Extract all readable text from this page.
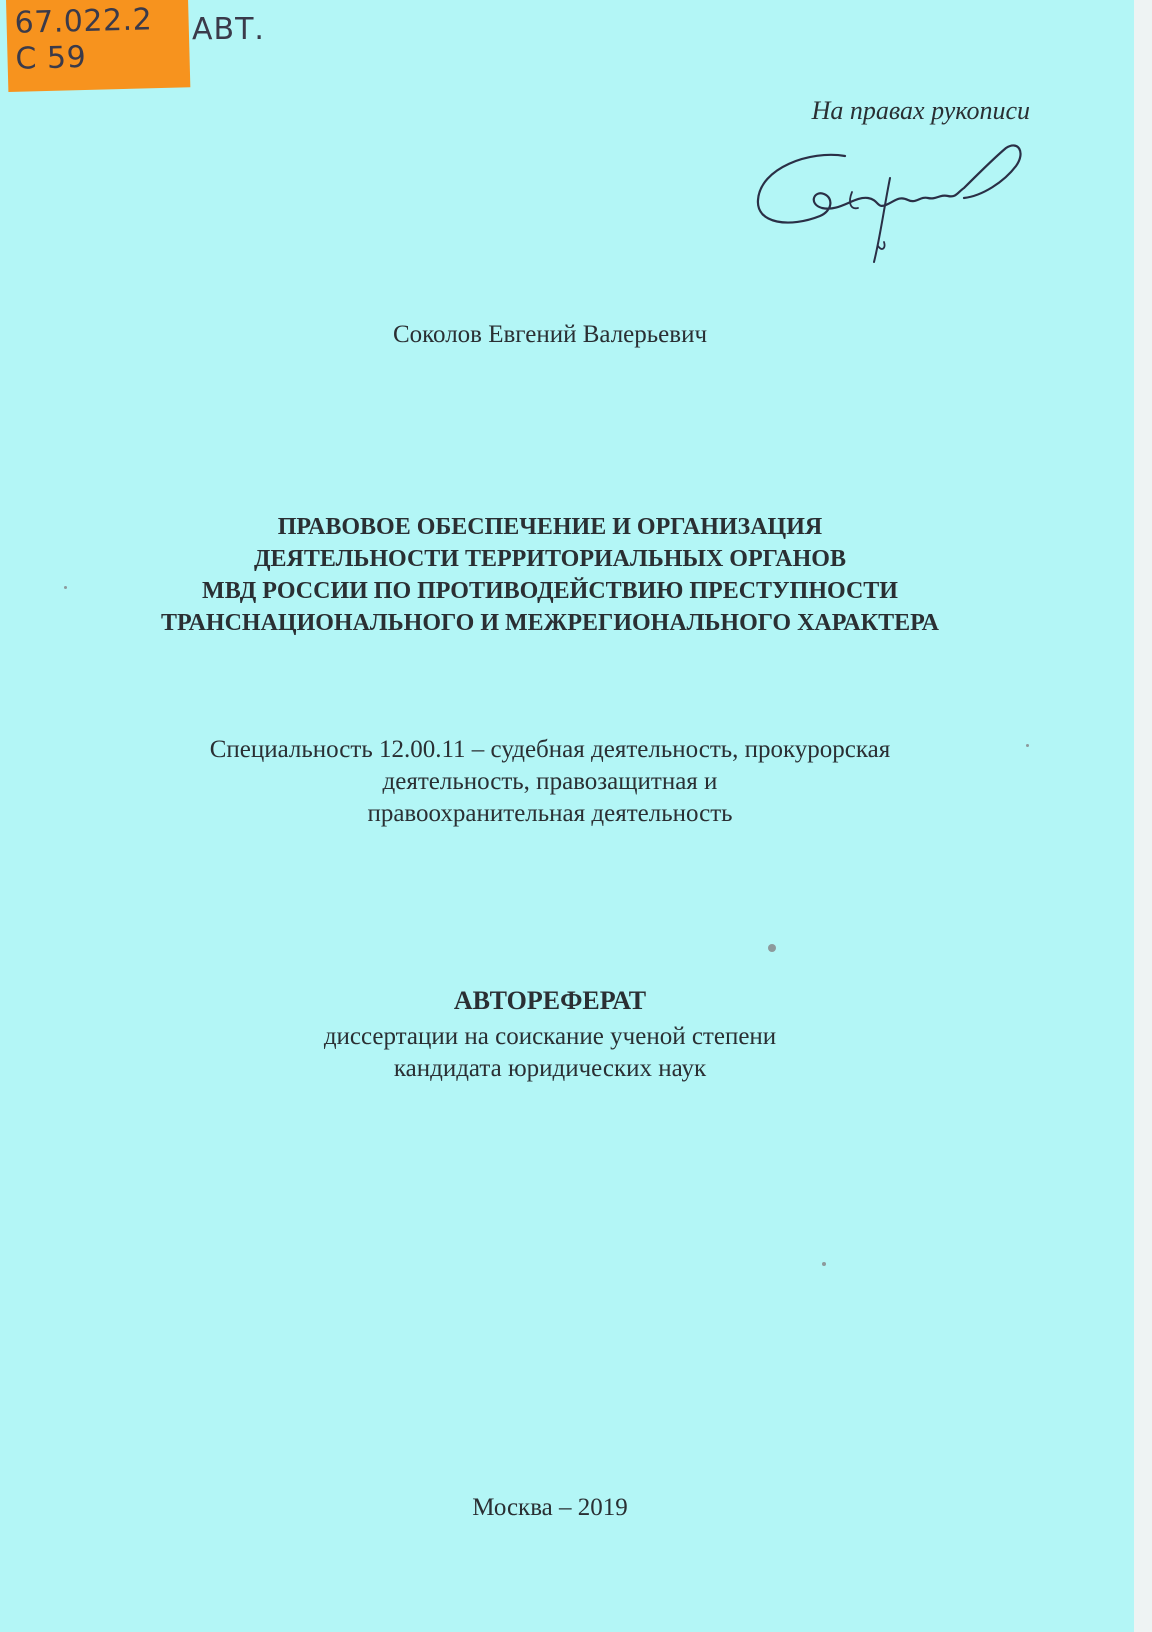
67.022.2
С 59
АВТ.
На правах рукописи
Соколов Евгений Валерьевич
ПРАВОВОЕ ОБЕСПЕЧЕНИЕ И ОРГАНИЗАЦИЯ
ДЕЯТЕЛЬНОСТИ ТЕРРИТОРИАЛЬНЫХ ОРГАНОВ
МВД РОССИИ ПО ПРОТИВОДЕЙСТВИЮ ПРЕСТУПНОСТИ
ТРАНСНАЦИОНАЛЬНОГО И МЕЖРЕГИОНАЛЬНОГО ХАРАКТЕРА
Специальность 12.00.11 – судебная деятельность, прокурорская
деятельность, правозащитная и
правоохранительная деятельность
АВТОРЕФЕРАТ
диссертации на соискание ученой степени
кандидата юридических наук
Москва – 2019
